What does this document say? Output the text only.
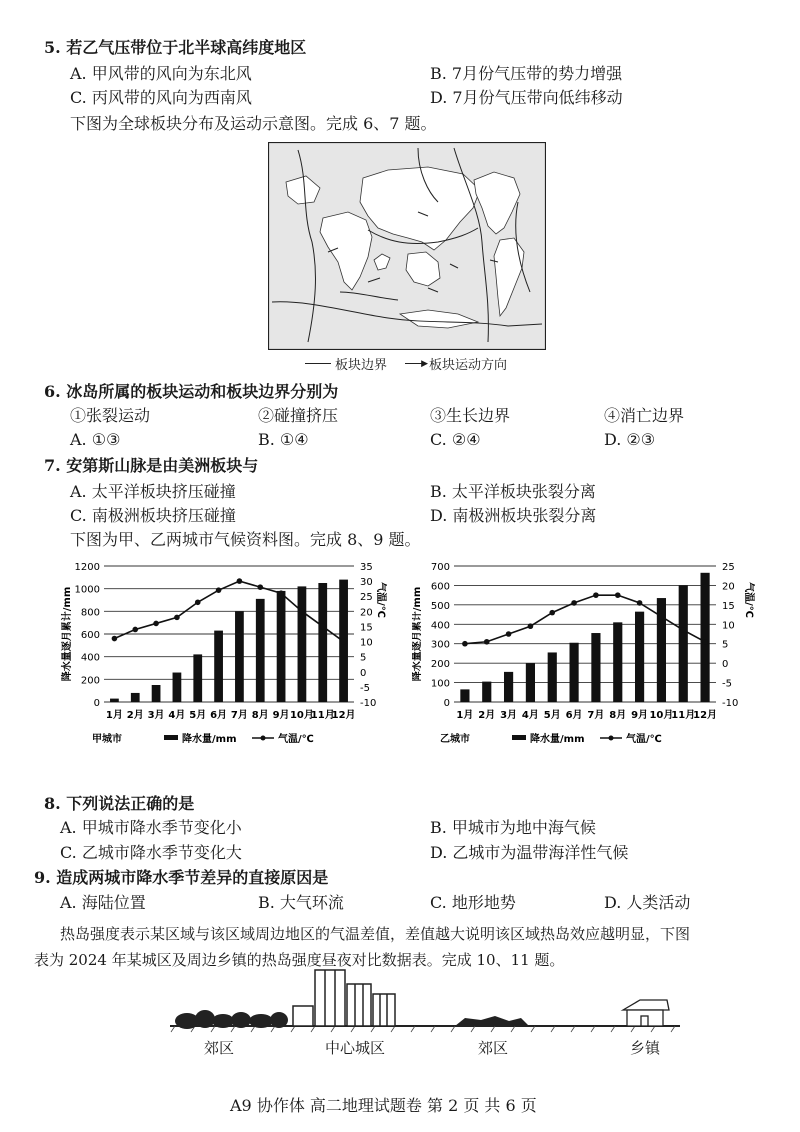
5. 若乙气压带位于北半球高纬度地区
A. 甲风带的风向为东北风	B. 7月份气压带的势力增强
C. 丙风带的风向为西南风	D. 7月份气压带向低纬移动
下图为全球板块分布及运动示意图。完成 6、7 题。
板块边界	▶ 板块运动方向
6. 冰岛所属的板块运动和板块边界分别为
①张裂运动	②碰撞挤压	③生长边界	④消亡边界
A. ①③	B. ①④	C. ②④	D. ②③
7. 安第斯山脉是由美洲板块与
A. 太平洋板块挤压碰撞	B. 太平洋板块张裂分离
C. 南极洲板块挤压碰撞	D. 南极洲板块张裂分离
下图为甲、乙两城市气候资料图。完成 8、9 题。
0
200
400
600
800
1000
1200
-10
-5
0
5
10
15
20
25
30
35
降水量逐月累计/mm	气温/℃
1月 2月 3月 4月 5月 6月 7月 8月 9月 10月
11月
12月
甲城市	降水量/mm	气温/℃
0
100
200
300
400
500
600
700
-10
-5
0
5
10
15
20
25
降水量逐月累计/mm	气温/℃
1月 2月 3月 4月 5月 6月 7月 8月 9月 10月
11月
12月
乙城市	降水量/mm	气温/℃
8. 下列说法正确的是
A. 甲城市降水季节变化小	B. 甲城市为地中海气候
C. 乙城市降水季节变化大	D. 乙城市为温带海洋性气候
9. 造成两城市降水季节差异的直接原因是
A. 海陆位置	B. 大气环流	C. 地形地势	D. 人类活动
热岛强度表示某区域与该区域周边地区的气温差值，差值越大说明该区域热岛效应越明显，下图
表为 2024 年某城区及周边乡镇的热岛强度昼夜对比数据表。完成 10、11 题。
郊区	中心城区	郊区	乡镇
A9 协作体 高二地理试题卷 第 2 页 共 6 页
